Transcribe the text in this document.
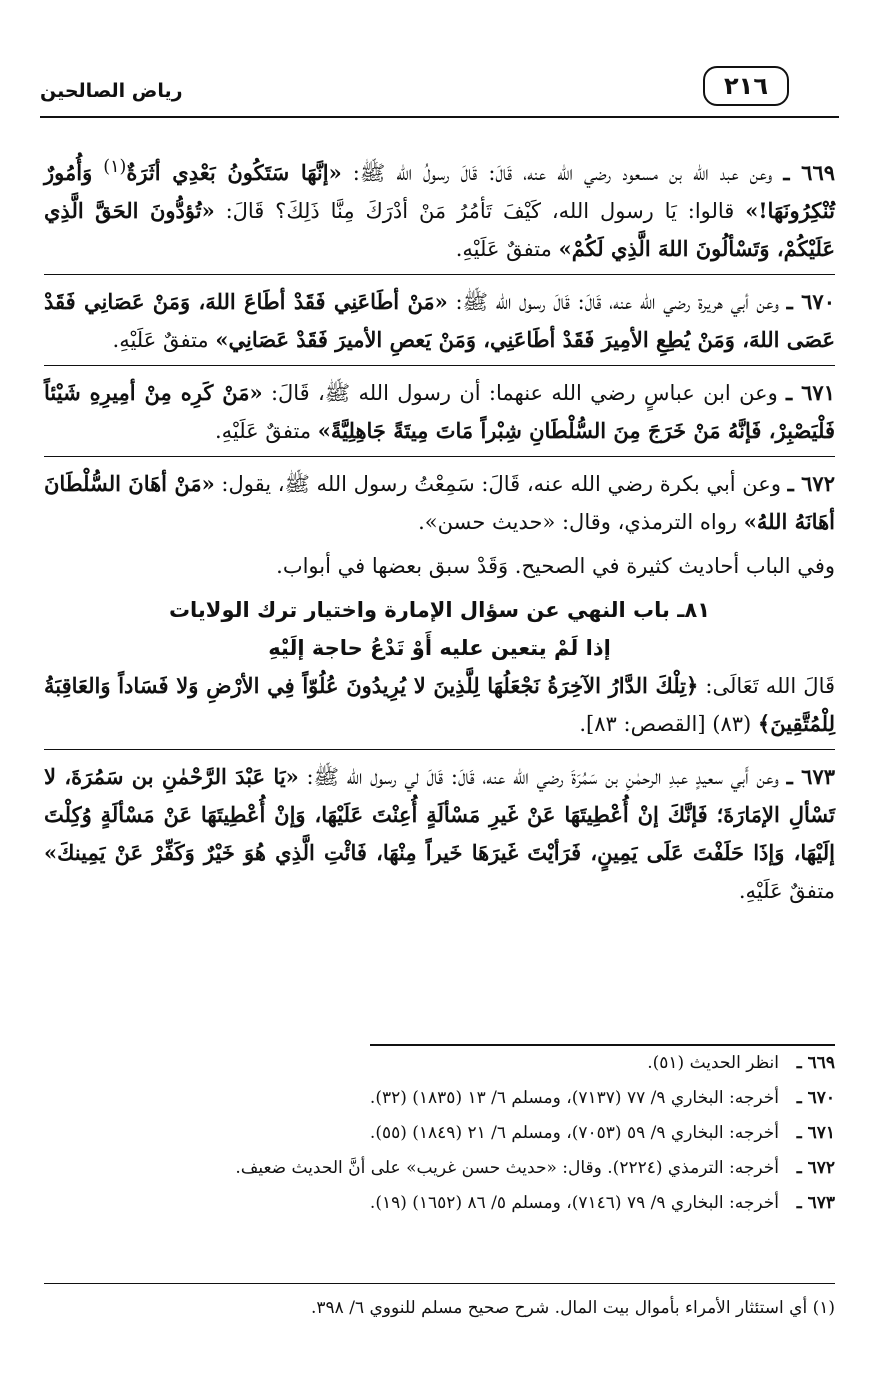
٢١٦
رياض الصالحين

٦٦٩ ـ وعن عبد الله بن مسعود رضي الله عنه، قَالَ: قَالَ رسولُ الله ﷺ: «إنَّهَا سَتَكُونُ بَعْدِي أثَرَةٌ$^{(١)}$ وَأُمُورٌ تُنْكِرُونَهَا!» قالوا: يَا رسول الله، كَيْفَ تَأمُرُ مَنْ أدْرَكَ مِنَّا ذَلِكَ؟ قَالَ: «تُؤدُّونَ الحَقَّ الَّذِي عَلَيْكُمْ، وَتَسْألُونَ اللهَ الَّذِي لَكُمْ» متفقٌ عَلَيْهِ.

٦٧٠ ـ وعن أبي هريرة رضي الله عنه، قَالَ: قَالَ رسول الله ﷺ: «مَنْ أطَاعَنِي فَقَدْ أطَاعَ اللهَ، وَمَنْ عَصَانِي فَقَدْ عَصَى اللهَ، وَمَنْ يُطِعِ الأمِيرَ فَقَدْ أطَاعَنِي، وَمَنْ يَعصِ الأميرَ فَقَدْ عَصَانِي» متفقٌ عَلَيْهِ.

٦٧١ ـ وعن ابن عباسٍ رضي الله عنهما: أن رسول الله ﷺ، قَالَ: «مَنْ كَرِه مِنْ أمِيرِهِ شَيْئاً فَلْيَصْبِرْ، فَإنَّهُ مَنْ خَرَجَ مِنَ السُّلْطَانِ شِبْراً مَاتَ مِيتَةً جَاهِلِيَّةً» متفقٌ عَلَيْهِ.

٦٧٢ ـ وعن أبي بكرة رضي الله عنه، قَالَ: سَمِعْتُ رسول الله ﷺ، يقول: «مَنْ أهَانَ السُّلْطَانَ أهَانَهُ اللهُ» رواه الترمذي، وقال: «حديث حسن».

وفي الباب أحاديث كثيرة في الصحيح. وَقَدْ سبق بعضها في أبواب.

٨١ـ باب النهي عن سؤال الإمارة واختيار ترك الولايات
إذا لَمْ يتعين عليه أَوْ تَدْعُ حاجة إلَيْهِ

قَالَ الله تَعَالَى: ﴿تِلْكَ الدَّارُ الآخِرَةُ نَجْعَلُهَا لِلَّذِينَ لا يُرِيدُونَ عُلُوّاً فِي الأرْضِ وَلا فَسَاداً وَالعَاقِبَةُ لِلْمُتَّقِينَ﴾ (٨٣) [القصص: ٨٣].

٦٧٣ ـ وعن أَبي سعيدٍ عبدِ الرحمٰنِ بن سَمُرَةَ رضي الله عنه، قَالَ: قَالَ لي رسول الله ﷺ: «يَا عَبْدَ الرَّحْمٰنِ بن سَمُرَةَ، لا تَسْألِ الإمَارَةَ؛ فَإنَّكَ إنْ أُعْطِيتَهَا عَنْ غَيرِ مَسْألَةٍ أُعِنْتَ عَلَيْهَا، وَإنْ أُعْطِيتَهَا عَنْ مَسْألَةٍ وُكِلْتَ إلَيْهَا، وَإذَا حَلَفْتَ عَلَى يَمِينٍ، فَرَأيْتَ غَيرَهَا خَيراً مِنْهَا، فَائْتِ الَّذِي هُوَ خَيْرٌ وَكَفِّرْ عَنْ يَمِينكَ» متفقٌ عَلَيْهِ.

٦٦٩ ـ
انظر الحديث (٥١).
٦٧٠ ـ
أخرجه: البخاري ٩/ ٧٧ (٧١٣٧)، ومسلم ٦/ ١٣ (١٨٣٥) (٣٢).
٦٧١ ـ
أخرجه: البخاري ٩/ ٥٩ (٧٠٥٣)، ومسلم ٦/ ٢١ (١٨٤٩) (٥٥).
٦٧٢ ـ
أخرجه: الترمذي (٢٢٢٤). وقال: «حديث حسن غريب» على أنَّ الحديث ضعيف.
٦٧٣ ـ
أخرجه: البخاري ٩/ ٧٩ (٧١٤٦)، ومسلم ٥/ ٨٦ (١٦٥٢) (١٩).
(١) أي استئثار الأمراء بأموال بيت المال. شرح صحيح مسلم للنووي ٦/ ٣٩٨.
